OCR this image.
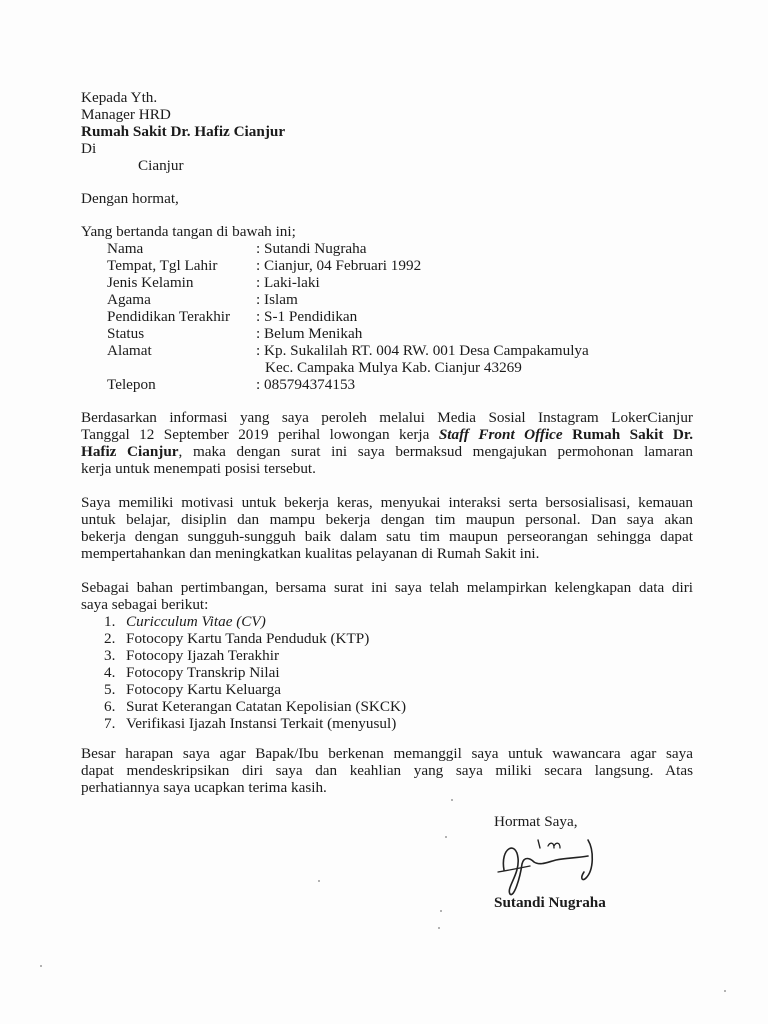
Kepada Yth.
Manager HRD
Rumah Sakit Dr. Hafiz Cianjur
Di
Cianjur
Dengan hormat,
Yang bertanda tangan di bawah ini;
Nama	: Sutandi Nugraha
Tempat, Tgl Lahir	: Cianjur, 04 Februari 1992
Jenis Kelamin	: Laki-laki
Agama	: Islam
Pendidikan Terakhir : S-1 Pendidikan
Status	: Belum Menikah
Alamat	: Kp. Sukalilah RT. 004 RW. 001 Desa Campakamulya
Kec. Campaka Mulya Kab. Cianjur 43269
Telepon	: 085794374153
Berdasarkan informasi yang saya peroleh melalui Media Sosial Instagram LokerCianjur
Tanggal 12 September 2019 perihal lowongan kerja Staff Front Office Rumah Sakit Dr.
Hafiz Cianjur, maka dengan surat ini saya bermaksud mengajukan permohonan lamaran
kerja untuk menempati posisi tersebut.
Saya memiliki motivasi untuk bekerja keras, menyukai interaksi serta bersosialisasi, kemauan
untuk belajar, disiplin dan mampu bekerja dengan tim maupun personal. Dan saya akan
bekerja dengan sungguh-sungguh baik dalam satu tim maupun perseorangan sehingga dapat
mempertahankan dan meningkatkan kualitas pelayanan di Rumah Sakit ini.
Sebagai bahan pertimbangan, bersama surat ini saya telah melampirkan kelengkapan data diri
saya sebagai berikut:
1. Curicculum Vitae (CV)
2. Fotocopy Kartu Tanda Penduduk (KTP)
3. Fotocopy Ijazah Terakhir
4. Fotocopy Transkrip Nilai
5. Fotocopy Kartu Keluarga
6. Surat Keterangan Catatan Kepolisian (SKCK)
7. Verifikasi Ijazah Instansi Terkait (menyusul)
Besar harapan saya agar Bapak/Ibu berkenan memanggil saya untuk wawancara agar saya
dapat mendeskripsikan diri saya dan keahlian yang saya miliki secara langsung. Atas
perhatiannya saya ucapkan terima kasih.
Hormat Saya,
Sutandi Nugraha
